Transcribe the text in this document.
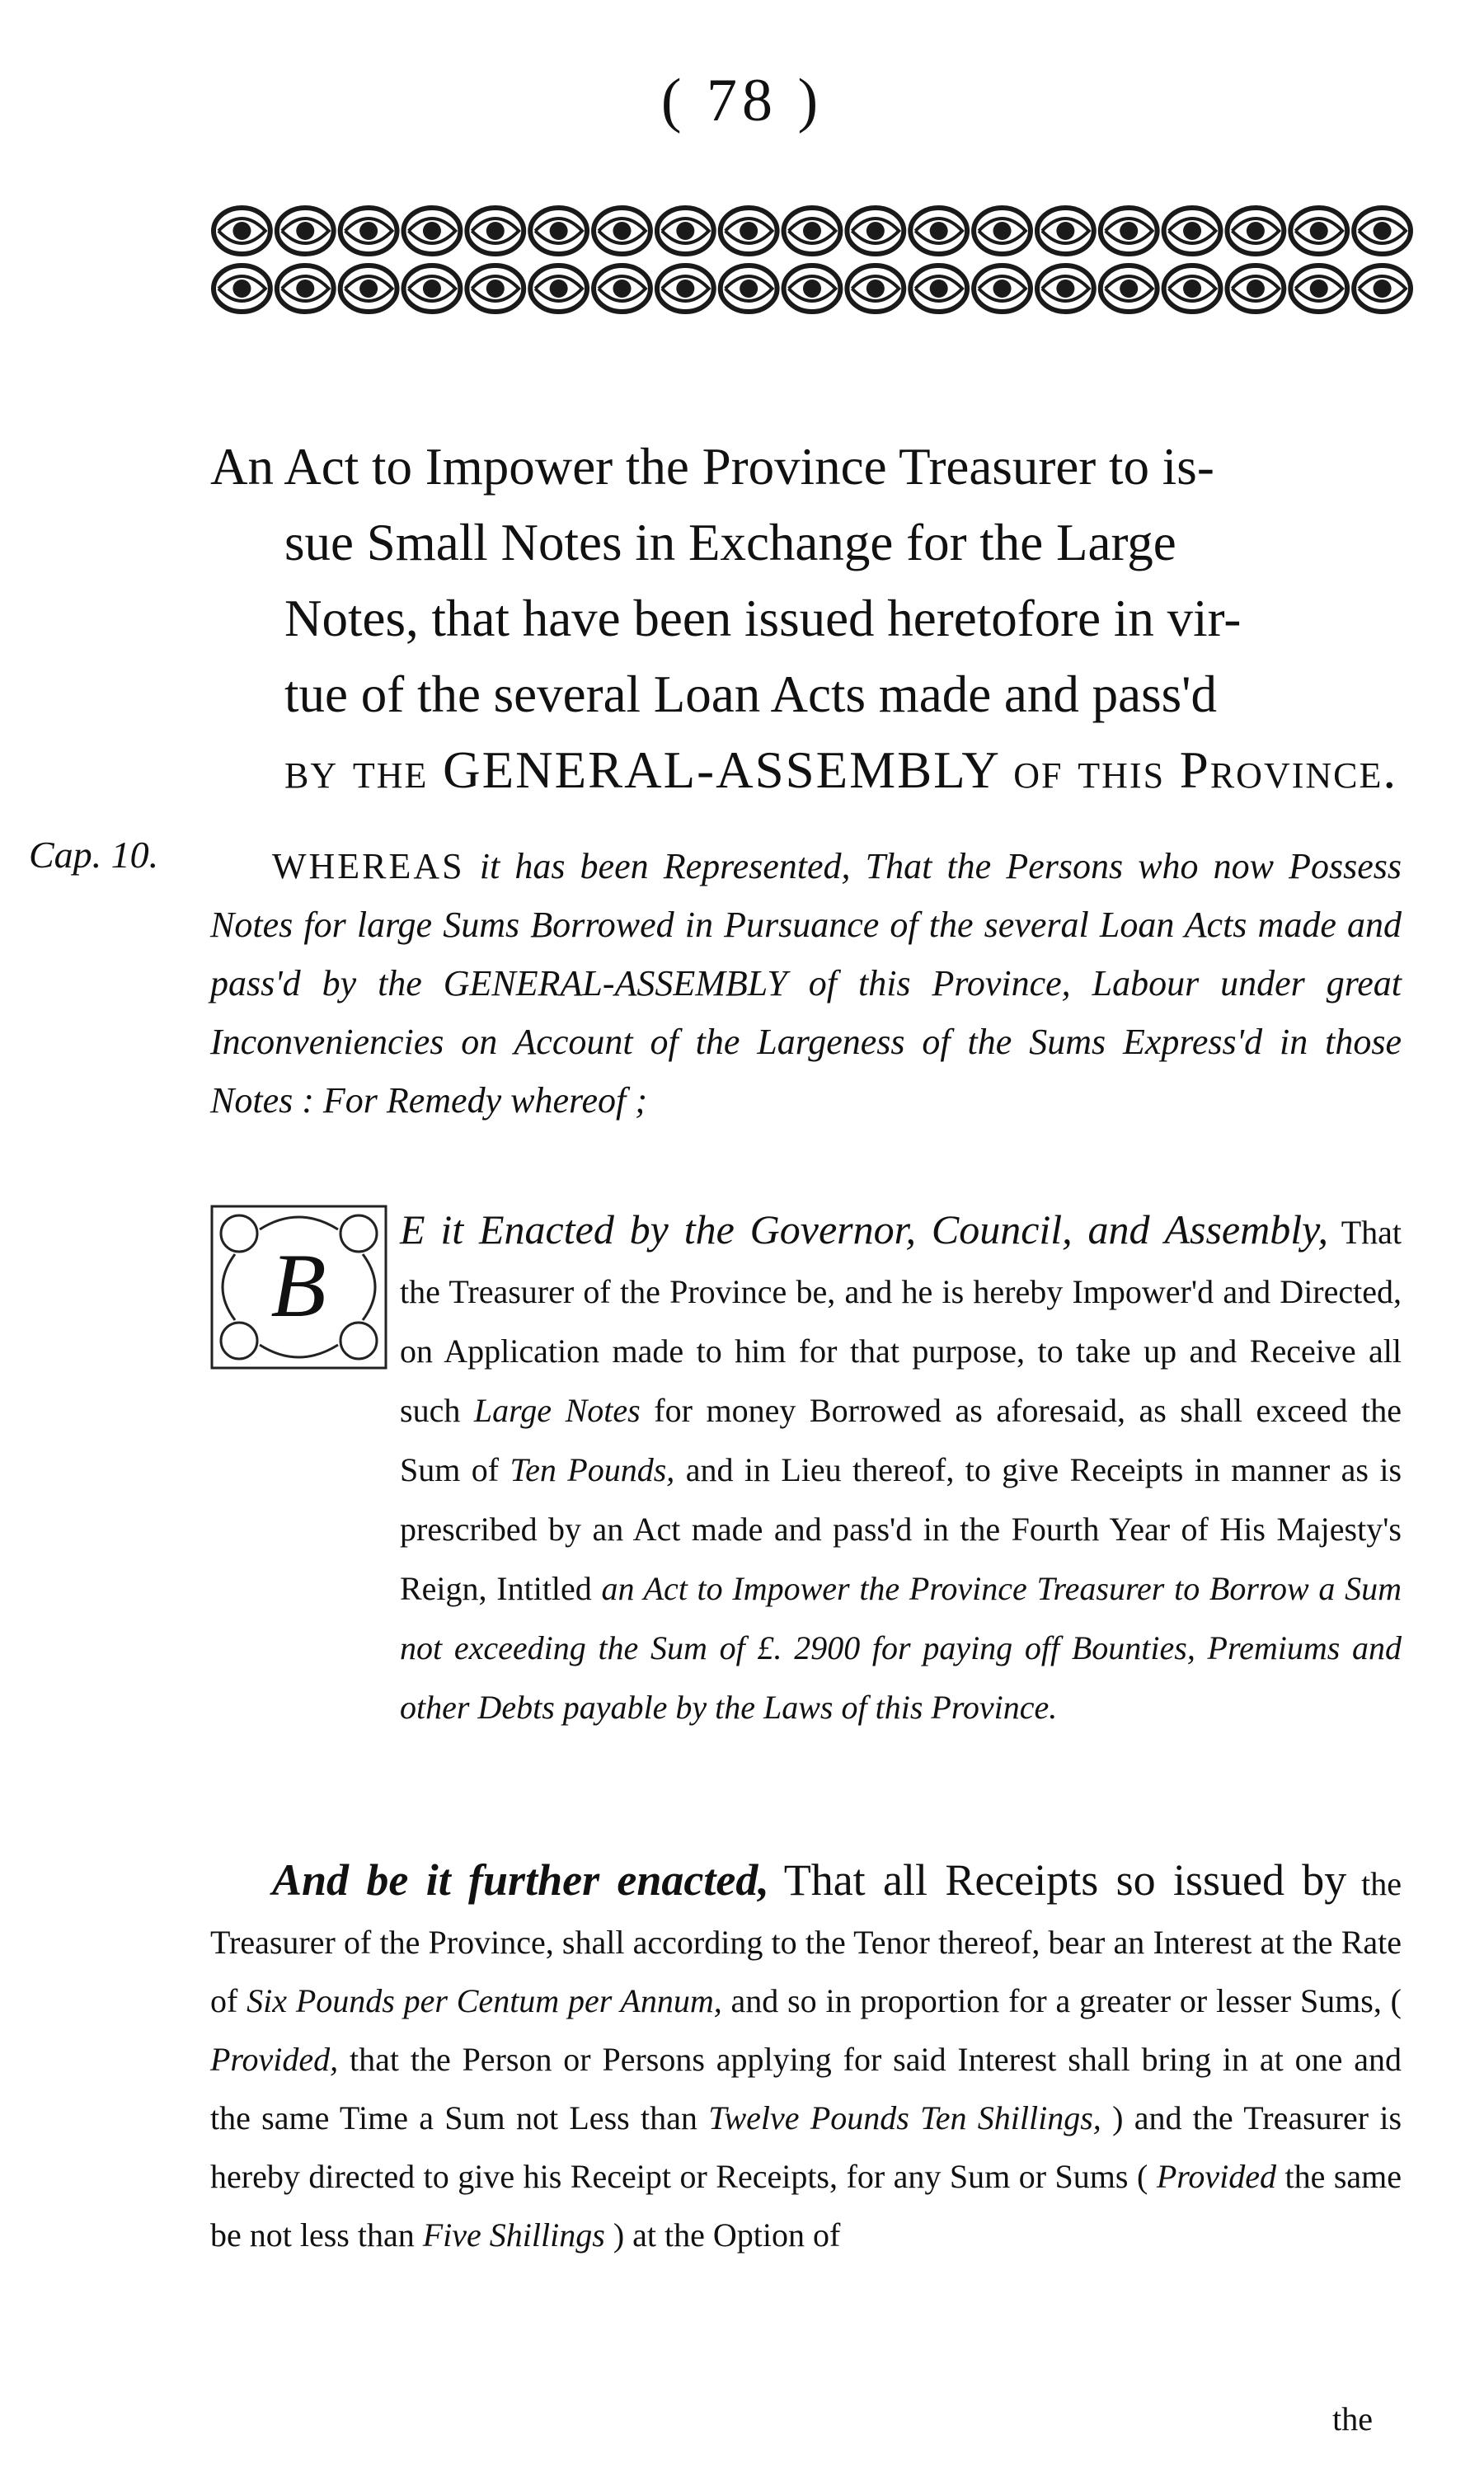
( 78 )
An Act to Impower the Province Treasurer to is-
sue Small Notes in Exchange for the Large
Notes, that have been issued heretofore in vir-
tue of the several Loan Acts made and pass'd
by the GENERAL-ASSEMBLY of this Province.
Cap. 10.	WHEREAS it has been Represented, That the Persons who now Possess Notes for large Sums Borrowed in Pursuance of the several Loan Acts made and pass'd by the GENERAL-ASSEMBLY of this Province, Labour under great Inconveniencies on Account of the Largeness of the Sums Express'd in those Notes : For Remedy whereof ;
B
E it Enacted by the Governor, Council, and Assembly, That the Treasurer of the Province be, and he is hereby Impower'd and Directed, on Application made to him for that purpose, to take up and Receive all such Large Notes for money Borrowed as aforesaid, as shall exceed the Sum of Ten Pounds, and in Lieu thereof, to give Receipts in manner as is prescribed by an Act made and pass'd in the Fourth Year of His Majesty's Reign, Intitled an Act to Impower the Province Treasurer to Borrow a Sum not exceeding the Sum of £. 2900 for paying off Bounties, Premiums and other Debts payable by the Laws of this Province.
And be it further enacted, That all Receipts so issued by the Treasurer of the Province, shall according to the Tenor thereof, bear an Interest at the Rate of Six Pounds per Centum per Annum, and so in proportion for a greater or lesser Sums, ( Provided, that the Person or Persons applying for said Interest shall bring in at one and the same Time a Sum not Less than Twelve Pounds Ten Shillings, ) and the Treasurer is hereby directed to give his Receipt or Receipts, for any Sum or Sums ( Provided the same be not less than Five Shillings ) at the Option of
the
